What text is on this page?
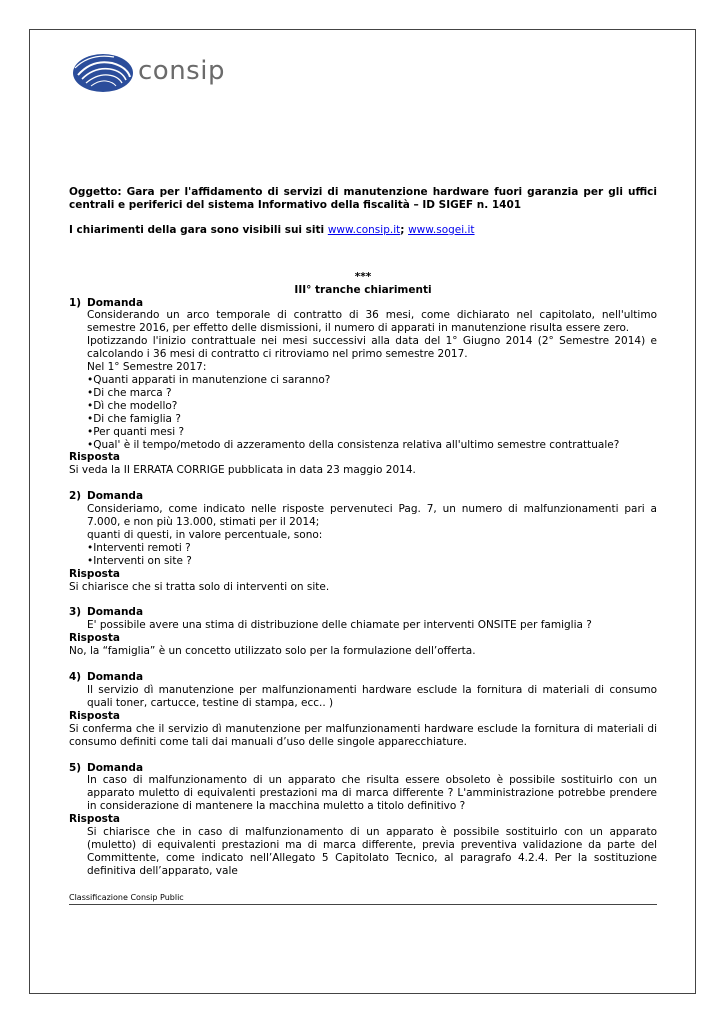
consip
Oggetto: Gara per l'affidamento di servizi di manutenzione hardware fuori garanzia per gli uffici centrali e periferici del sistema Informativo della fiscalità – ID SIGEF n. 1401
I chiarimenti della gara sono visibili sui siti www.consip.it; www.sogei.it
***
III° tranche chiarimenti
1) Domanda
Considerando un arco temporale di contratto di 36 mesi, come dichiarato nel capitolato, nell'ultimo semestre 2016, per effetto delle dismissioni, il numero di apparati in manutenzione risulta essere zero.
Ipotizzando l'inizio contrattuale nei mesi successivi alla data del 1° Giugno 2014 (2° Semestre 2014) e calcolando i 36 mesi di contratto ci ritroviamo nel primo semestre 2017.
Nel 1° Semestre 2017:
• Quanti apparati in manutenzione ci saranno?
• Di che marca ?
• Dì che modello?
• Di che famiglia ?
• Per quanti mesi ?
• Qual' è il tempo/metodo di azzeramento della consistenza relativa all'ultimo semestre contrattuale?
Risposta
Si veda la II ERRATA CORRIGE pubblicata in data 23 maggio 2014.
2) Domanda
Consideriamo, come indicato nelle risposte pervenuteci Pag. 7, un numero di malfunzionamenti pari a 7.000, e non più 13.000, stimati per il 2014;
quanti di questi, in valore percentuale, sono:
• Interventi remoti ?
• Interventi on site ?
Risposta
Si chiarisce che si tratta solo di interventi on site.
3) Domanda
E' possibile avere una stima di distribuzione delle chiamate per interventi ONSITE per famiglia ?
Risposta
No, la “famiglia” è un concetto utilizzato solo per la formulazione dell’offerta.
4) Domanda
Il servizio dì manutenzione per malfunzionamenti hardware esclude la fornitura di materiali di consumo quali toner, cartucce, testine di stampa, ecc.. )
Risposta
Si conferma che il servizio dì manutenzione per malfunzionamenti hardware esclude la fornitura di materiali di consumo definiti come tali dai manuali d’uso delle singole apparecchiature.
5) Domanda
In caso di malfunzionamento di un apparato che risulta essere obsoleto è possibile sostituirlo con un apparato muletto di equivalenti prestazioni ma di marca differente ? L'amministrazione potrebbe prendere in considerazione di mantenere la macchina muletto a titolo definitivo ?
Risposta
Si chiarisce che in caso di malfunzionamento di un apparato è possibile sostituirlo con un apparato (muletto) di equivalenti prestazioni ma di marca differente, previa preventiva validazione da parte del Committente, come indicato nell’Allegato 5 Capitolato Tecnico, al paragrafo 4.2.4. Per la sostituzione definitiva dell’apparato, vale
Classificazione Consip Public
